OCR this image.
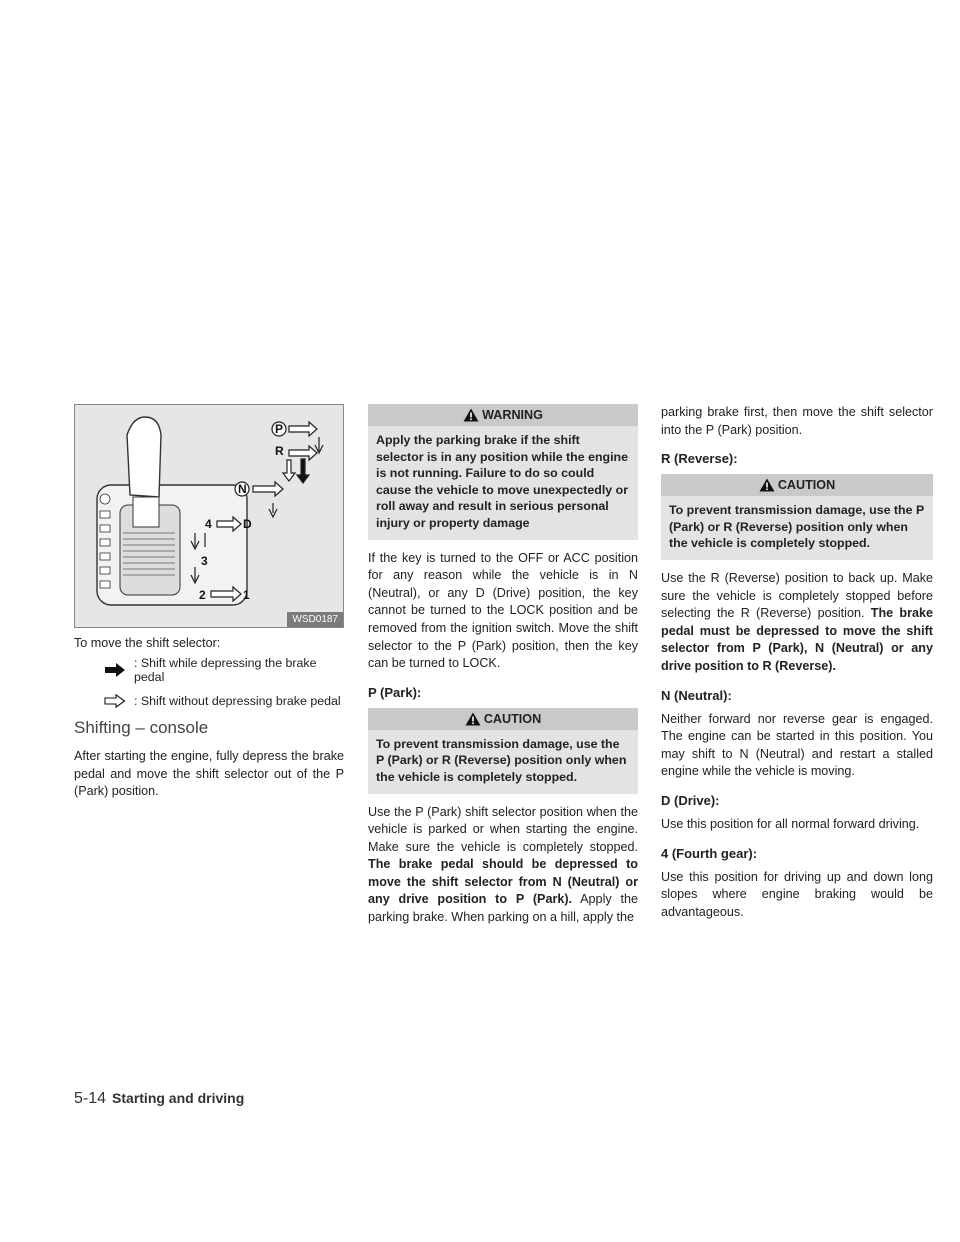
P
R
N
4	D
3
2	1
WSD0187
To move the shift selector:
: Shift while depressing the brake pedal
: Shift without depressing brake pedal
Shifting – console

After starting the engine, fully depress the brake pedal and move the shift selector out of the P (Park) position.

WARNING
Apply the parking brake if the shift selector is in any position while the engine is not running. Failure to do so could cause the vehicle to move unexpectedly or roll away and result in serious personal injury or property damage

If the key is turned to the OFF or ACC position for any reason while the vehicle is in N (Neutral), or any D (Drive) position, the key cannot be turned to the LOCK position and be removed from the ignition switch. Move the shift selector to the P (Park) position, then the key can be turned to LOCK.

P (Park):
CAUTION
To prevent transmission damage, use the P (Park) or R (Reverse) position only when the vehicle is completely stopped.

Use the P (Park) shift selector position when the vehicle is parked or when starting the engine. Make sure the vehicle is completely stopped. The brake pedal should be depressed to move the shift selector from N (Neutral) or any drive position to P (Park). Apply the parking brake. When parking on a hill, apply the

parking brake first, then move the shift selector into the P (Park) position.

R (Reverse):
CAUTION
To prevent transmission damage, use the P (Park) or R (Reverse) position only when the vehicle is completely stopped.

Use the R (Reverse) position to back up. Make sure the vehicle is completely stopped before selecting the R (Reverse) position. The brake pedal must be depressed to move the shift selector from P (Park), N (Neutral) or any drive position to R (Reverse).

N (Neutral):

Neither forward nor reverse gear is engaged. The engine can be started in this position. You may shift to N (Neutral) and restart a stalled engine while the vehicle is moving.

D (Drive):

Use this position for all normal forward driving.

4 (Fourth gear):

Use this position for driving up and down long slopes where engine braking would be advantageous.

5-14 Starting and driving
